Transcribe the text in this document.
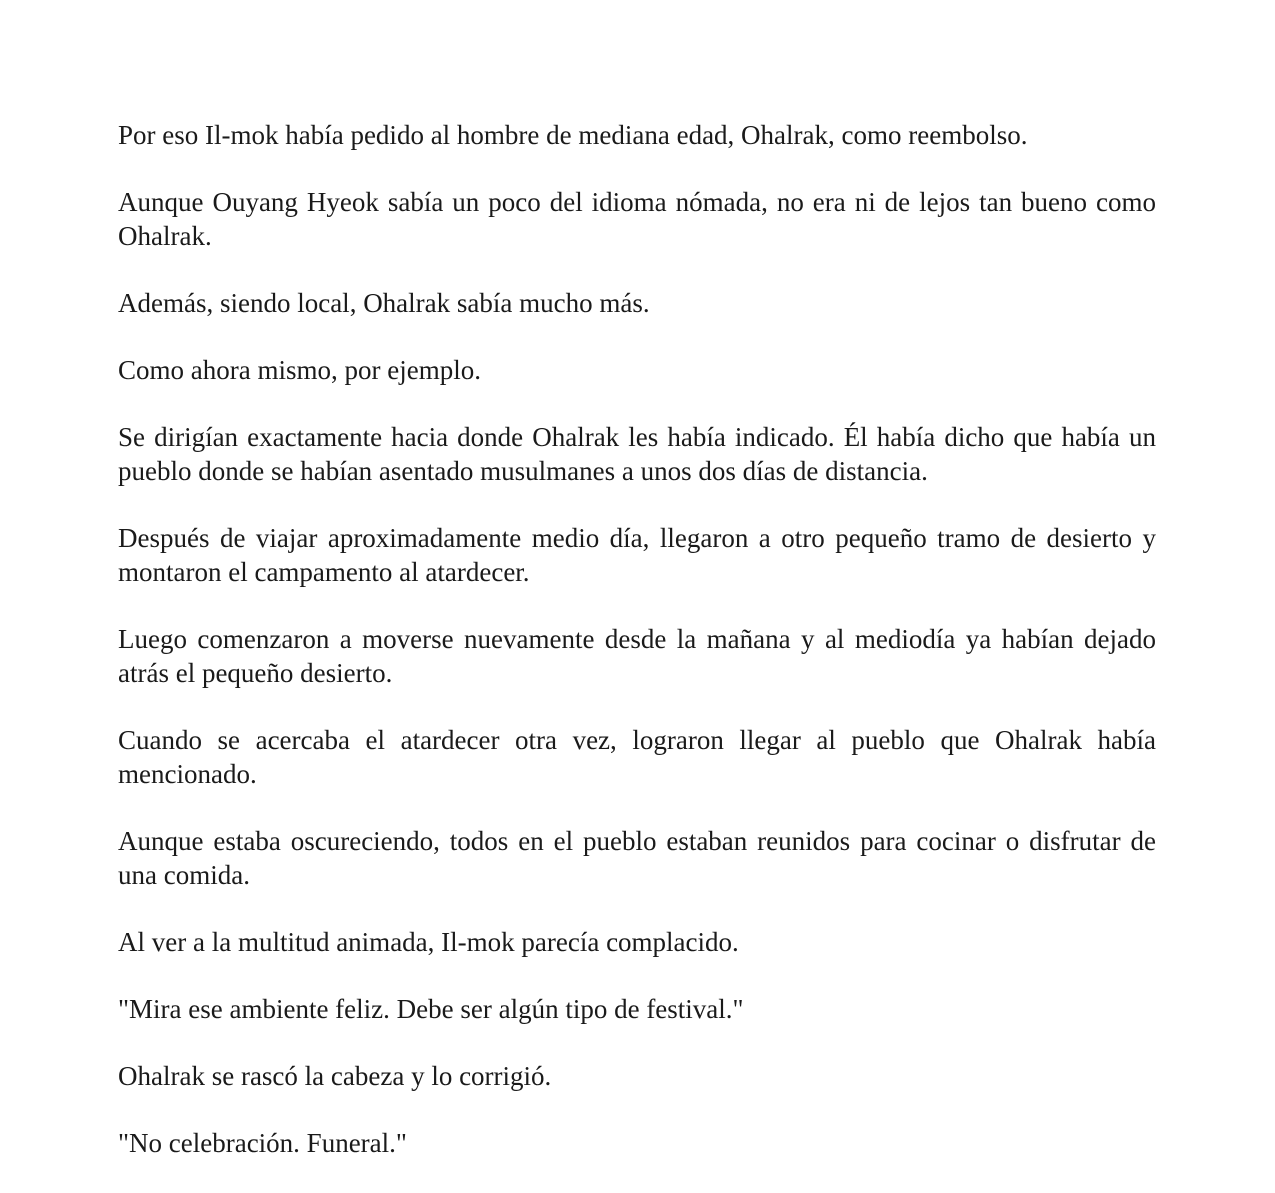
Por eso Il-mok había pedido al hombre de mediana edad, Ohalrak, como reembolso.

Aunque Ouyang Hyeok sabía un poco del idioma nómada, no era ni de lejos tan bueno como Ohalrak.

Además, siendo local, Ohalrak sabía mucho más.

Como ahora mismo, por ejemplo.

Se dirigían exactamente hacia donde Ohalrak les había indicado. Él había dicho que había un pueblo donde se habían asentado musulmanes a unos dos días de distancia.

Después de viajar aproximadamente medio día, llegaron a otro pequeño tramo de desierto y montaron el campamento al atardecer.

Luego comenzaron a moverse nuevamente desde la mañana y al mediodía ya habían dejado atrás el pequeño desierto.

Cuando se acercaba el atardecer otra vez, lograron llegar al pueblo que Ohalrak había mencionado.

Aunque estaba oscureciendo, todos en el pueblo estaban reunidos para cocinar o disfrutar de una comida.

Al ver a la multitud animada, Il-mok parecía complacido.

"Mira ese ambiente feliz. Debe ser algún tipo de festival."

Ohalrak se rascó la cabeza y lo corrigió.

"No celebración. Funeral."
